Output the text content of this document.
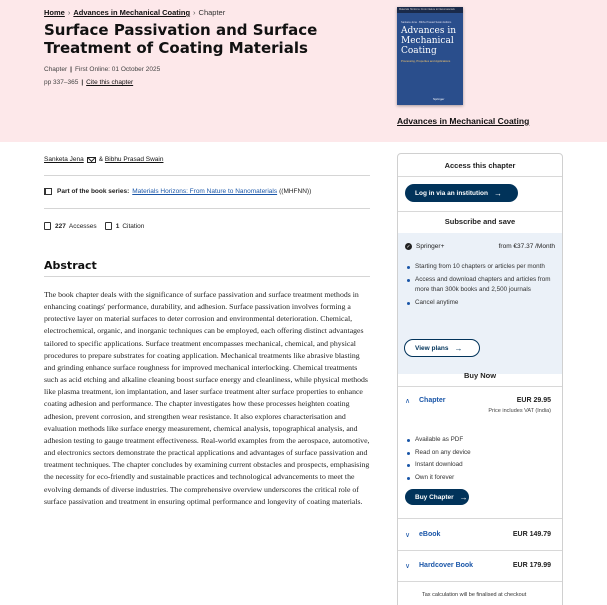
Home › Advances in Mechanical Coating › Chapter
Surface Passivation and Surface Treatment of Coating Materials
Chapter | First Online: 01 October 2025
pp 337–365 | Cite this chapter
Materials Horizons: From Nature to Nanomaterials
Sanketa Jena · Bibhu Prasad Swain Editors
Advances in
Mechanical
Coating
Processing, Properties and Applications
Springer
Advances in Mechanical Coating
Sanketa Jena &
Bibhu Prasad Swain
Part of the book series: Materials Horizons: From Nature to Nanomaterials ((MHFNN))
227 Accesses	1 Citation
Abstract

The book chapter deals with the significance of surface passivation and surface treatment methods in enhancing coatings' performance, durability, and adhesion. Surface passivation involves forming a protective layer on material surfaces to deter corrosion and environmental deterioration. Chemical, electrochemical, organic, and inorganic techniques can be employed, each offering distinct advantages tailored to specific applications. Surface treatment encompasses mechanical, chemical, and physical procedures to prepare substrates for coating application. Mechanical treatments like abrasive blasting and grinding enhance surface roughness for improved mechanical interlocking. Chemical treatments such as acid etching and alkaline cleaning boost surface energy and cleanliness, while physical methods like plasma treatment, ion implantation, and laser surface treatment alter surface properties to enhance coating adhesion and performance. The chapter investigates how these processes heighten coating adhesion, prevent corrosion, and strengthen wear resistance. It also explores characterisation and evaluation methods like surface energy measurement, chemical analysis, topographical analysis, and adhesion testing to gauge treatment effectiveness. Real-world examples from the aerospace, automotive, and electronics sectors demonstrate the practical applications and advantages of surface passivation and treatment techniques. The chapter concludes by examining current obstacles and prospects, emphasising the necessity for eco-friendly and sustainable practices and technological advancements to meet the evolving demands of diverse industries. The comprehensive overview underscores the critical role of surface passivation and treatment in ensuring optimal performance and longevity of coating materials.

Access this chapter
Log in via an institution →
Subscribe and save
✓ Springer+	from €37.37 /Month
Starting from 10 chapters or articles per month
Access and download chapters and articles from more than 300k books and 2,500 journals
Cancel anytime
View plans →
Buy Now
∧ Chapter	EUR 29.95
Price includes VAT (India)
Available as PDF
Read on any device
Instant download
Own it forever
Buy Chapter →
∨ eBook	EUR 149.79
∨ Hardcover Book	EUR 179.99
Tax calculation will be finalised at checkout
